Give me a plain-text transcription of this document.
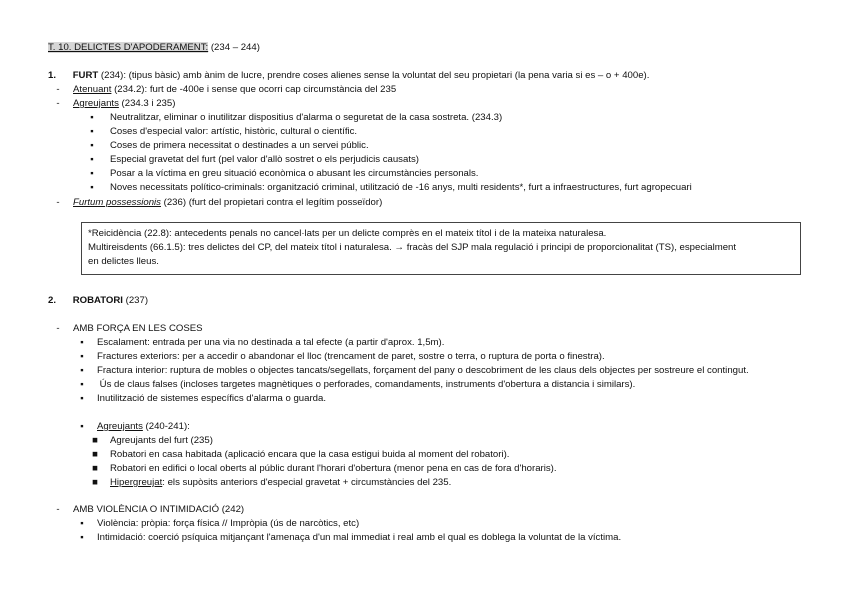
T. 10. DELICTES D'APODERAMENT: (234 – 244)
1. FURT (234): (tipus bàsic) amb ànim de lucre, prendre coses alienes sense la voluntat del seu propietari (la pena varia si es – o + 400e).
-	Atenuant (234.2): furt de -400e i sense que ocorri cap circumstància del 235
-	Agreujants (234.3 i 235)
▪	Neutralitzar, eliminar o inutilitzar dispositius d'alarma o seguretat de la casa sostreta. (234.3)
▪	Coses d'especial valor: artístic, històric, cultural o científic.
▪	Coses de primera necessitat o destinades a un servei públic.
▪	Especial gravetat del furt (pel valor d'allò sostret o els perjudicis causats)
▪	Posar a la víctima en greu situació econòmica o abusant les circumstàncies personals.
▪	Noves necessitats político-criminals: organització criminal, utilització de -16 anys, multi residents*, furt a infraestructures, furt agropecuari
-	Furtum possessionis (236) (furt del propietari contra el legítim posseïdor)
*Reicidència (22.8): antecedents penals no cancel·lats per un delicte comprès en el mateix títol i de la mateixa naturalesa.
Multireisdents (66.1.5): tres delictes del CP, del mateix títol i naturalesa. → fracàs del SJP mala regulació i principi de proporcionalitat (TS), especialment
en delictes lleus.
2. ROBATORI (237)
-	AMB FORÇA EN LES COSES
▪	Escalament: entrada per una via no destinada a tal efecte (a partir d'aprox. 1,5m).
▪	Fractures exteriors: per a accedir o abandonar el lloc (trencament de paret, sostre o terra, o ruptura de porta o finestra).
▪	Fractura interior: ruptura de mobles o objectes tancats/segellats, forçament del pany o descobriment de les claus dels objectes per sostreure el contingut.
▪	Ús de claus falses (incloses targetes magnètiques o perforades, comandaments, instruments d'obertura a distancia i similars).
▪	Inutilització de sistemes específics d'alarma o guarda.
▪	Agreujants (240-241):
■ Agreujants del furt (235)
■ Robatori en casa habitada (aplicació encara que la casa estigui buida al moment del robatori).
■ Robatori en edifici o local oberts al públic durant l'horari d'obertura (menor pena en cas de fora d'horaris).
■ Hipergreujat: els supòsits anteriors d'especial gravetat + circumstàncies del 235.
-	AMB VIOLÈNCIA O INTIMIDACIÓ (242)
▪	Violència: pròpia: força física // Impròpia (ús de narcòtics, etc)
▪	Intimidació: coerció psíquica mitjançant l'amenaça d'un mal immediat i real amb el qual es doblega la voluntat de la víctima.
